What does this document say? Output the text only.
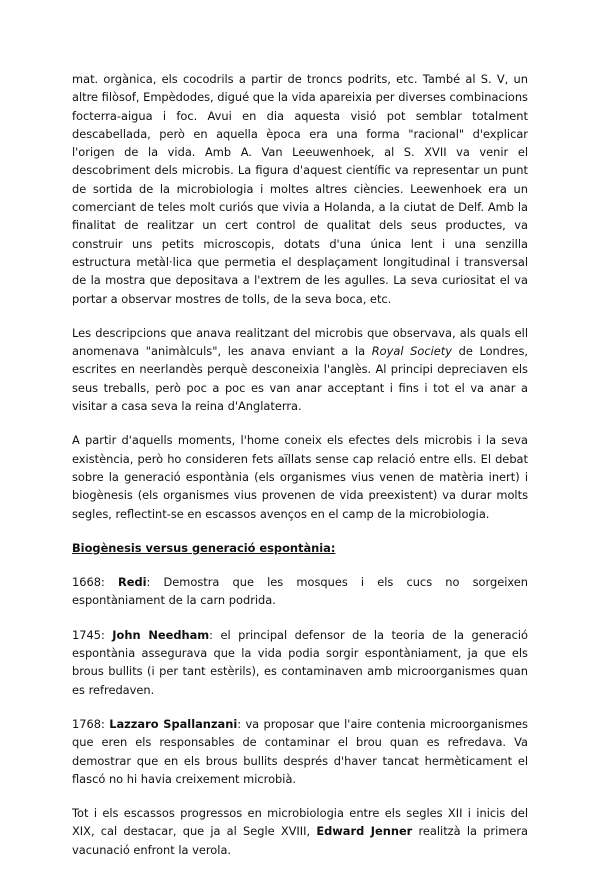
mat. orgànica, els cocodrils a partir de troncs podrits, etc. També al S. V, un altre filòsof, Empèdodes, digué que la vida apareixia per diverses combinacions focterra-aigua i foc. Avui en dia aquesta visió pot semblar totalment descabellada, però en aquella època era una forma "racional" d'explicar l'origen de la vida. Amb A. Van Leeuwenhoek, al S. XVII va venir el descobriment dels microbis. La figura d'aquest científic va representar un punt de sortida de la microbiologia i moltes altres ciències. Leewenhoek era un comerciant de teles molt curiós que vivia a Holanda, a la ciutat de Delf. Amb la finalitat de realitzar un cert control de qualitat dels seus productes, va construir uns petits microscopis, dotats d'una única lent i una senzilla estructura metàl·lica que permetia el desplaçament longitudinal i transversal de la mostra que depositava a l'extrem de les agulles. La seva curiositat el va portar a observar mostres de tolls, de la seva boca, etc.

Les descripcions que anava realitzant del microbis que observava, als quals ell anomenava "animàlculs", les anava enviant a la Royal Society de Londres, escrites en neerlandès perquè desconeixia l'anglès. Al principi depreciaven els seus treballs, però poc a poc es van anar acceptant i fins i tot el va anar a visitar a casa seva la reina d'Anglaterra.

A partir d'aquells moments, l'home coneix els efectes dels microbis i la seva existència, però ho consideren fets aïllats sense cap relació entre ells. El debat sobre la generació espontània (els organismes vius venen de matèria inert) i biogènesis (els organismes vius provenen de vida preexistent) va durar molts segles, reflectint-se en escassos avenços en el camp de la microbiologia.

Biogènesis versus generació espontània:

1668: Redi: Demostra que les mosques i els cucs no sorgeixen espontàniament de la carn podrida.

1745: John Needham: el principal defensor de la teoria de la generació espontània assegurava que la vida podia sorgir espontàniament, ja que els brous bullits (i per tant estèrils), es contaminaven amb microorganismes quan es refredaven.

1768: Lazzaro Spallanzani: va proposar que l'aire contenia microorganismes que eren els responsables de contaminar el brou quan es refredava. Va demostrar que en els brous bullits després d'haver tancat hermèticament el flascó no hi havia creixement microbià.

Tot i els escassos progressos en microbiologia entre els segles XII i inicis del XIX, cal destacar, que ja al Segle XVIII, Edward Jenner realitzà la primera vacunació enfront la verola.
